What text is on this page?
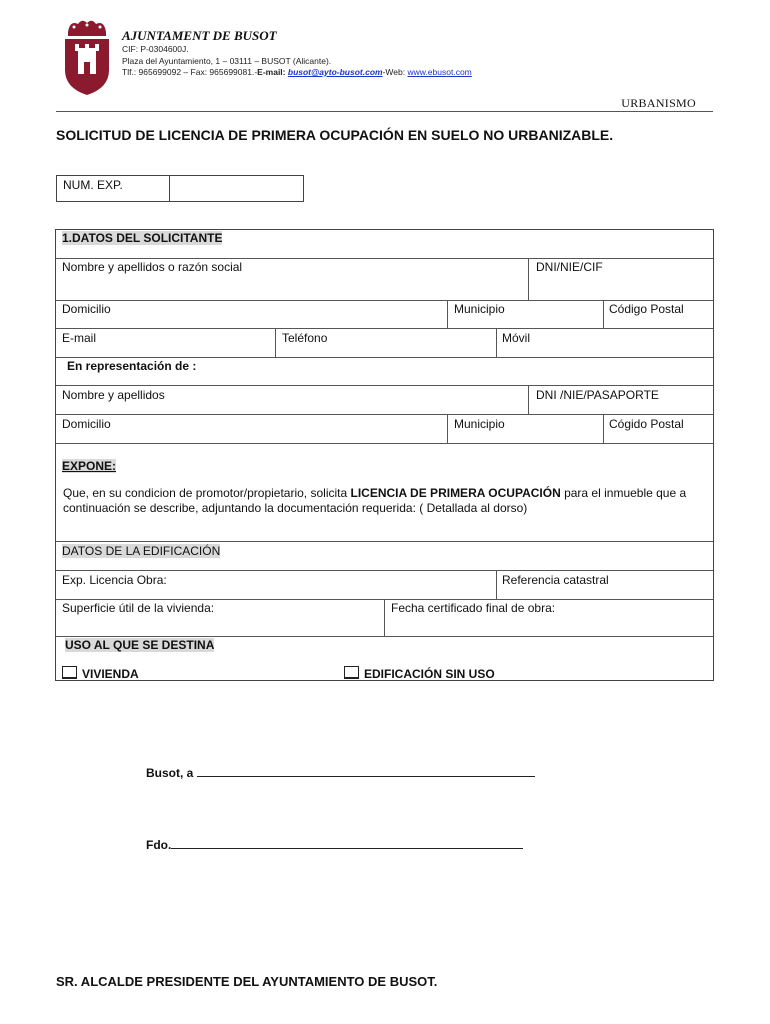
AJUNTAMENT DE BUSOT
CIF: P-0304600J.
Plaza del Ayuntamiento, 1 – 03111 – BUSOT (Alicante).
Tlf.: 965699092 – Fax: 965699081.-E-mail: busot@ayto-busot.com-Web: www.ebusot.com
URBANISMO
SOLICITUD DE LICENCIA DE PRIMERA OCUPACIÓN EN SUELO NO URBANIZABLE.
NUM. EXP.
1.DATOS DEL SOLICITANTE
Nombre y apellidos o razón social	DNI/NIE/CIF
Domicilio	Municipio	Código Postal
E-mail	Teléfono	Móvil
En representación de :
Nombre y apellidos	DNI /NIE/PASAPORTE
Domicilio	Municipio	Cógido Postal
EXPONE:
Que, en su condicion de promotor/propietario, solicita LICENCIA DE PRIMERA OCUPACIÓN para el inmueble que a continuación se describe, adjuntando la documentación requerida: ( Detallada al dorso)
DATOS DE LA EDIFICACIÓN
Exp. Licencia Obra:	Referencia catastral
Superficie útil de la vivienda:	Fecha certificado final de obra:
USO AL QUE SE DESTINA
VIVIENDA	EDIFICACIÓN SIN USO
Busot, a
Fdo.
SR. ALCALDE PRESIDENTE DEL AYUNTAMIENTO DE BUSOT.
